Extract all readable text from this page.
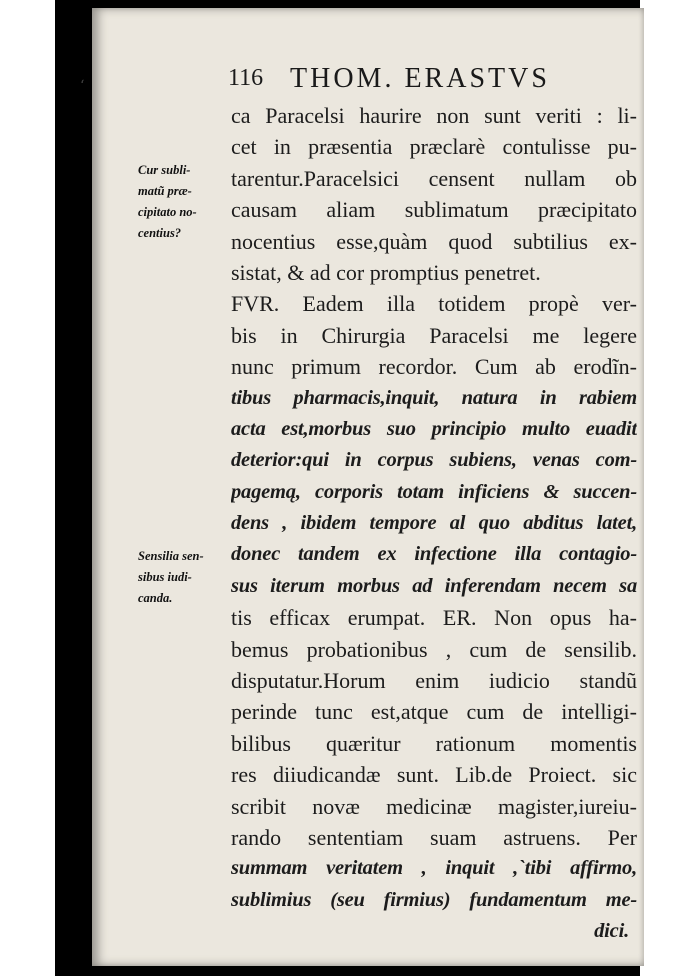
ʻ	116 THOM. ERASTVS
Cur subli-
matũ præ-
cipitato no-
centius?
Sensilia sen-
sibus iudi-
canda.
ca Paracelsi haurire non sunt veriti : li-
cet in præsentia præclarè contulisse pu-
tarentur.Paracelsici censent nullam ob
causam aliam sublimatum præcipitato
nocentius esse,quàm quod subtilius ex-
sistat, & ad cor promptius penetret.
FVR. Eadem illa totidem propè ver-
bis in Chirurgia Paracelsi me legere
nunc primum recordor. Cum ab erodĩn-
tibus pharmacis,inquit, natura in rabiem
acta est,morbus suo principio multo euadit
deterior:qui in corpus subiens, venas com-
pagemą, corporis totam inficiens & succen-
dens , ibidem tempore al quo abditus latet,
donec tandem ex infectione illa contagio-
sus iterum morbus ad inferendam necem sa
tis efficax erumpat. ER. Non opus ha-
bemus probationibus , cum de sensilib.
disputatur.Horum enim iudicio standũ
perinde tunc est,atque cum de intelligi-
bilibus quæritur rationum momentis
res diiudicandæ sunt. Lib.de Proiect. sic
scribit novæ medicinæ magister,iureiu-
rando sententiam suam astruens. Per
summam veritatem , inquit ,`tibi affirmo,
sublimius (seu firmius) fundamentum me-
dici.
